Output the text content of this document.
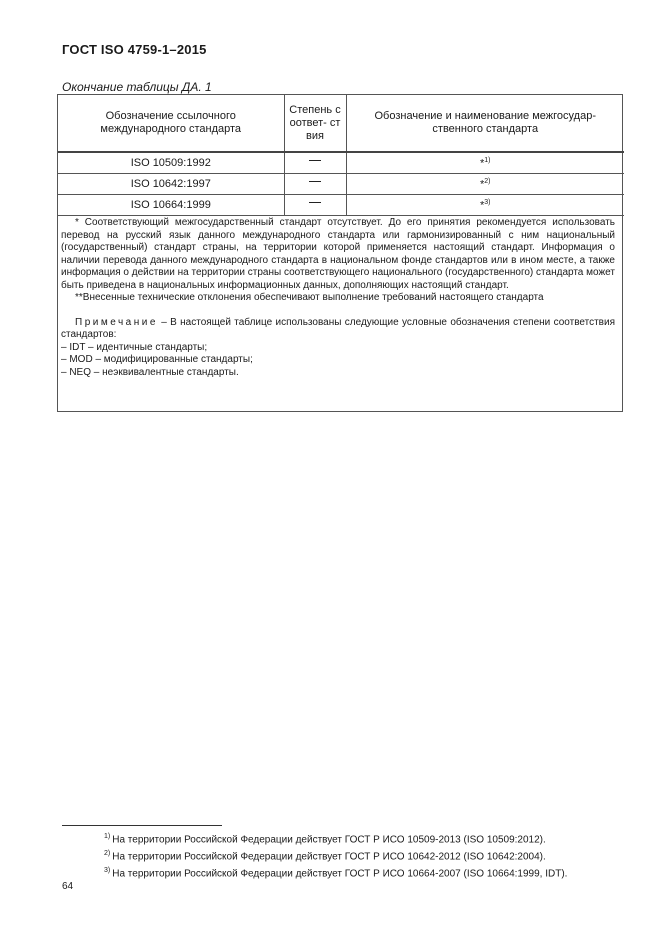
ГОСТ ISO 4759-1–2015
Окончание таблицы ДА. 1
Обозначение ссылочного международного стандарта	Степень соответ- ствия	Обозначение и наименование межгосудар- ственного стандарта

ISO 10509:1992		*$^{1)}$
ISO 10642:1997		*$^{2)}$
ISO 10664:1999		*$^{3)}$

* Соответствующий межгосударственный стандарт отсутствует. До его принятия рекомендуется использовать перевод на русский язык данного международного стандарта или гармонизированный с ним национальный (государственный) стандарт страны, на территории которой применяется настоящий стандарт. Информация о наличии перевода данного международного стандарта в национальном фонде стандартов или в ином месте, а также информация о действии на территории страны соответствующего национального (государственного) стандарта может быть приведена в национальных информационных данных, дополняющих настоящий стандарт.

**Внесенные технические отклонения обеспечивают выполнение требований настоящего стандарта

Примечание – В настоящей таблице использованы следующие условные обозначения степени соответствия стандартов:

– IDT – идентичные стандарты;

– MOD – модифицированные стандарты;

– NEQ – неэквивалентные стандарты.

$^{1)}$ На территории Российской Федерации действует ГОСТ Р ИСО 10509-2013 (ISO 10509:2012).

$^{2)}$ На территории Российской Федерации действует ГОСТ Р ИСО 10642-2012 (ISO 10642:2004).

$^{3)}$ На территории Российской Федерации действует ГОСТ Р ИСО 10664-2007 (ISO 10664:1999, IDT).

64
